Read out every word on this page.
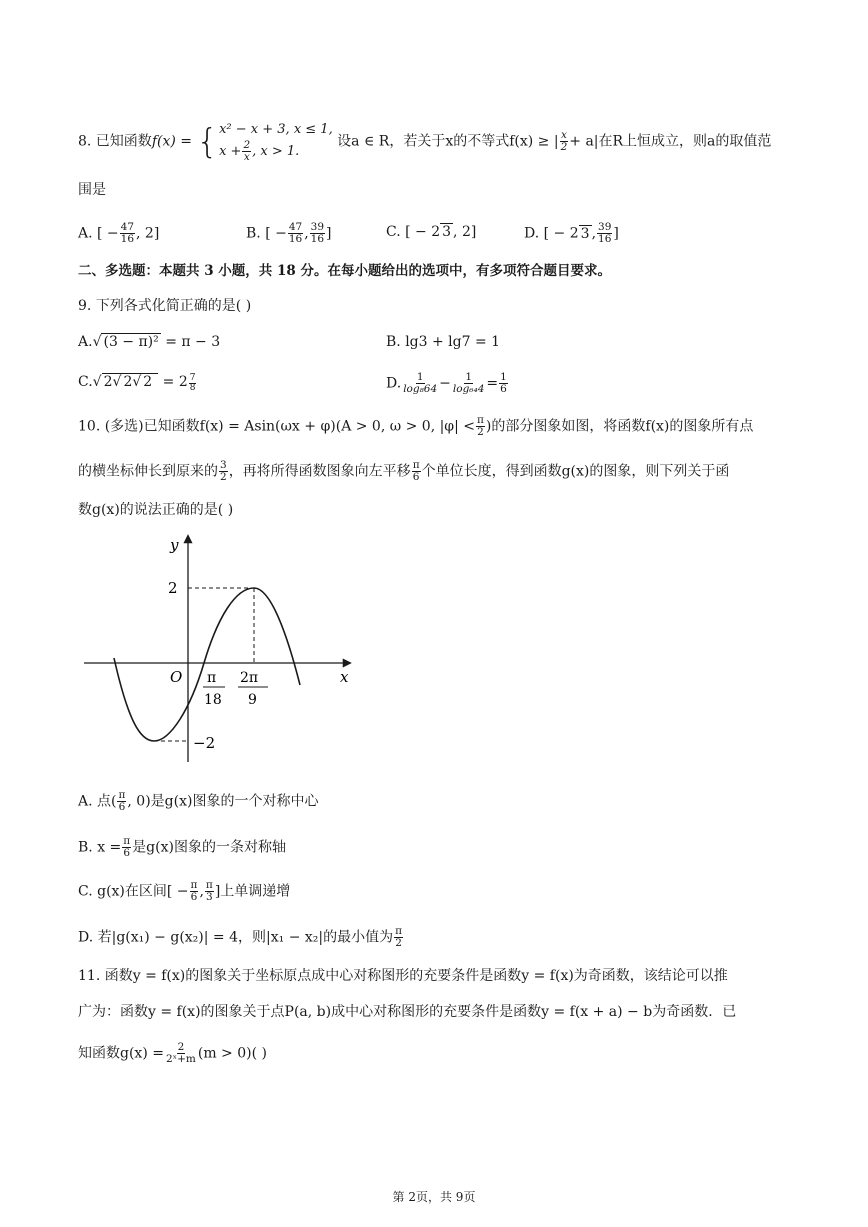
8. 已知函数f(x) = { x² − x + 3, x ≤ 1,
$x + \frac{2}{x}$ , x > 1.
设a ∈ R，若关于x的不等式f(x) ≥ | $\frac{x}{2} + a|$在R上恒成立，则a的取值范
围是
A. [ − $\frac{47}{16}$ , 2]	B. [ − $\frac{47}{16}$ , $\frac{39}{16}$ ]	C. [ − 2 3 , 2]	D. [ − 2 3 , $\frac{39}{16}$ ]
二、多选题：本题共 3 小题，共 18 分。在每小题给出的选项中，有多项符合题目要求。
9. 下列各式化简正确的是( )
A.√ (3 − π)² = π − 3	B. lg3 + lg7 = 1
C.√ 2√ 2√ 2 = 2 $^{\frac{7}{8}}$	D. $\frac{1}{\text{log₈64}} - \frac{1}{\text{log₆₄4}} = \frac{1}{6}$
10. (多选)已知函数f(x) = Asin(ωx + φ)(A > 0, ω > 0, $|\varphi| < \frac{\pi}{2}$ )的部分图象如图，将函数f(x)的图象所有点
的横坐标伸长到原来的 $\frac{3}{2}$ ，再将所得函数图象向左平移 $\frac{\pi}{6}$ 个单位长度，得到函数g(x)的图象，则下列关于函
数g(x)的说法正确的是( )
y
x
O
2
−2
π
18
2π
9
A. 点( $\frac{\pi}{6}$ , 0)是g(x)图象的一个对称中心
B. $x = \frac{\pi}{6}$ 是g(x)图象的一条对称轴
C. g(x)在区间[ − $\frac{\pi}{6}$ , $\frac{\pi}{3}$ ]上单调递增
D. 若|g(x₁) − g(x₂)| = 4，则|x₁ − x₂|的最小值为 $\frac{\pi}{2}$
11. 函数y = f(x)的图象关于坐标原点成中心对称图形的充要条件是函数y = f(x)为奇函数，该结论可以推
广为：函数y = f(x)的图象关于点P(a, b)成中心对称图形的充要条件是函数y = f(x + a) − b为奇函数．已
知函数$g(x) = \frac{2}{\text{2ˣ+m}} (m > 0)$( )
第 2页，共 9页
